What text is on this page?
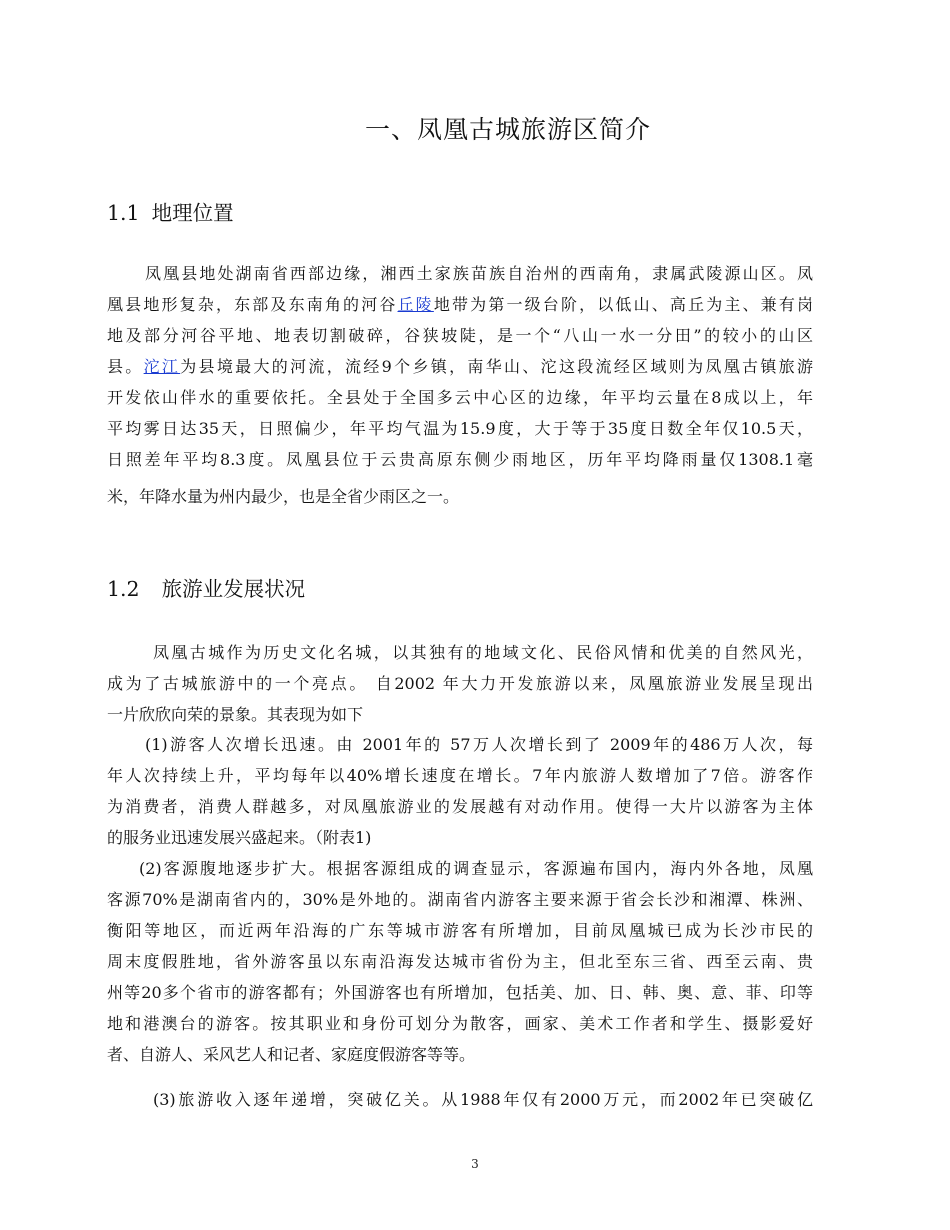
一、凤凰古城旅游区简介
1.1 地理位置
凤凰县地处湖南省西部边缘，湘西土家族苗族自治州的西南角，隶属武陵源山区。凤
凰县地形复杂，东部及东南角的河谷丘陵地带为第一级台阶，以低山、高丘为主、兼有岗
地及部分河谷平地、地表切割破碎，谷狭坡陡，是一个“八山一水一分田”的较小的山区
县。沱江为县境最大的河流，流经9个乡镇，南华山、沱这段流经区域则为凤凰古镇旅游
开发依山伴水的重要依托。全县处于全国多云中心区的边缘，年平均云量在8成以上，年
平均雾日达35天，日照偏少，年平均气温为15.9度，大于等于35度日数全年仅10.5天，
日照差年平均8.3度。凤凰县位于云贵高原东侧少雨地区，历年平均降雨量仅1308.1毫
米，年降水量为州内最少，也是全省少雨区之一。
1.2 旅游业发展状况
凤凰古城作为历史文化名城，以其独有的地域文化、民俗风情和优美的自然风光，
成为了古城旅游中的一个亮点。 自2002 年大力开发旅游以来，凤凰旅游业发展呈现出
一片欣欣向荣的景象。其表现为如下
(1)游客人次增长迅速。由 2001年的 57万人次增长到了 2009年的486万人次，每
年人次持续上升，平均每年以40%增长速度在增长。7年内旅游人数增加了7倍。游客作
为消费者，消费人群越多，对凤凰旅游业的发展越有对动作用。使得一大片以游客为主体
的服务业迅速发展兴盛起来。（附表1)
(2)客源腹地逐步扩大。根据客源组成的调查显示，客源遍布国内，海内外各地，凤凰
客源70%是湖南省内的，30%是外地的。湖南省内游客主要来源于省会长沙和湘潭、株洲、
衡阳等地区，而近两年沿海的广东等城市游客有所增加，目前凤凰城已成为长沙市民的
周末度假胜地，省外游客虽以东南沿海发达城市省份为主，但北至东三省、西至云南、贵
州等20多个省市的游客都有；外国游客也有所增加，包括美、加、日、韩、奥、意、菲、印等
地和港澳台的游客。按其职业和身份可划分为散客，画家、美术工作者和学生、摄影爱好
者、自游人、采风艺人和记者、家庭度假游客等等。
(3)旅游收入逐年递增，突破亿关。从1988年仅有2000万元，而2002年已突破亿
3
